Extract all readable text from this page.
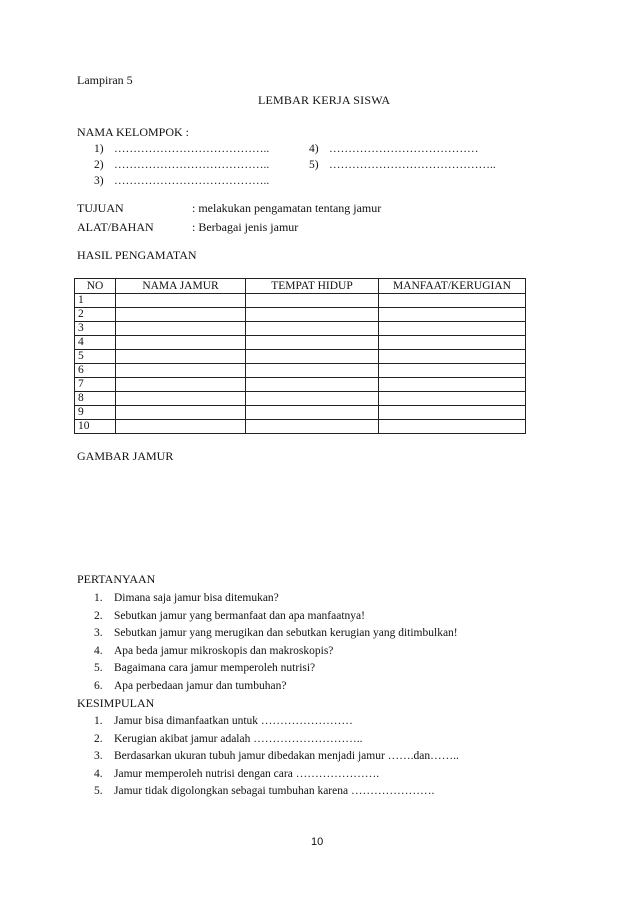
Lampiran 5
LEMBAR KERJA SISWA
NAMA KELOMPOK :
1) …………………………………..
2) …………………………………..
3) …………………………………..
4) …………………………………
5) ……………………………………..
TUJUAN	: melakukan pengamatan tentang jamur
ALAT/BAHAN	: Berbagai jenis jamur
HASIL PENGAMATAN
NO	NAMA JAMUR	TEMPAT HIDUP	MANFAAT/KERUGIAN
1			
2			
3			
4			
5			
6			
7			
8			
9			
10			
GAMBAR JAMUR
PERTANYAAN
1. Dimana saja jamur bisa ditemukan?
2. Sebutkan jamur yang bermanfaat dan apa manfaatnya!
3. Sebutkan jamur yang merugikan dan sebutkan kerugian yang ditimbulkan!
4. Apa beda jamur mikroskopis dan makroskopis?
5. Bagaimana cara jamur memperoleh nutrisi?
6. Apa perbedaan jamur dan tumbuhan?
KESIMPULAN
1. Jamur bisa dimanfaatkan untuk ……………………
2. Kerugian akibat jamur adalah ………………………..
3. Berdasarkan ukuran tubuh jamur dibedakan menjadi jamur …….dan……..
4. Jamur memperoleh nutrisi dengan cara ………………….
5. Jamur tidak digolongkan sebagai tumbuhan karena ………………….
10
